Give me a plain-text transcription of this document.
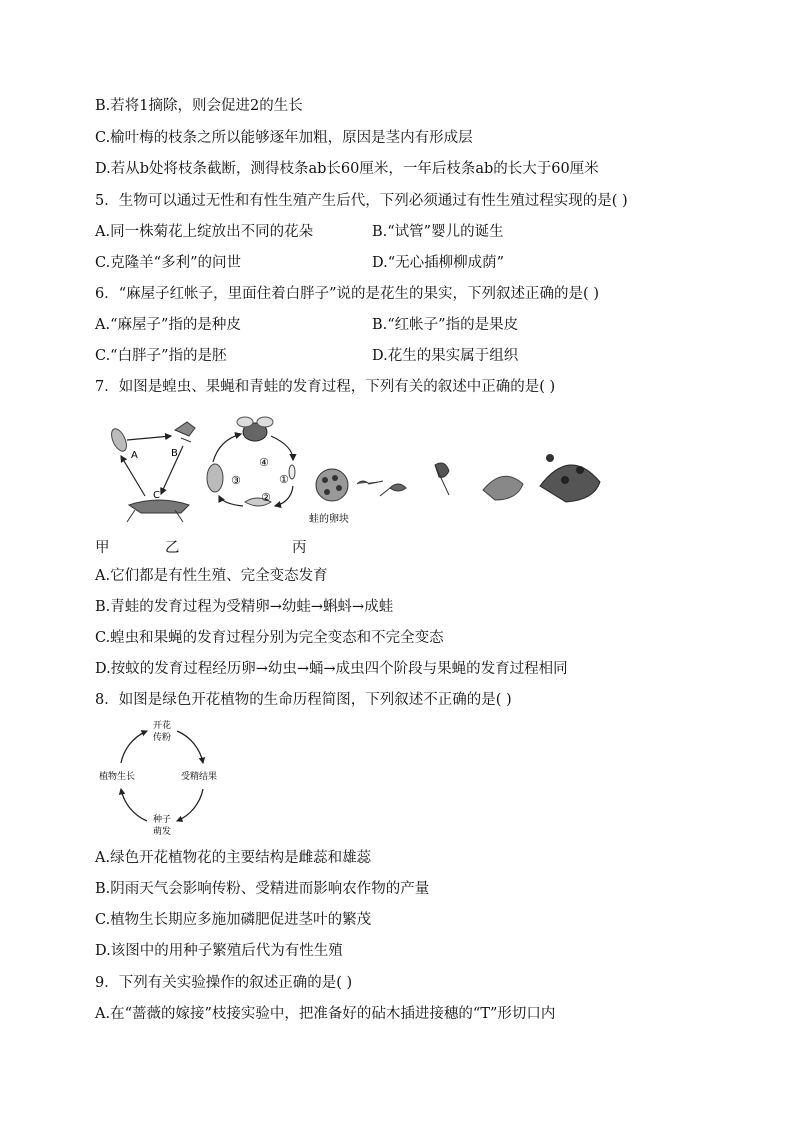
B.若将1摘除，则会促进2的生长
C.榆叶梅的枝条之所以能够逐年加粗，原因是茎内有形成层
D.若从b处将枝条截断，测得枝条ab长60厘米，一年后枝条ab的长大于60厘米
5．生物可以通过无性和有性生殖产生后代，下列必须通过有性生殖过程实现的是( )
A.同一株菊花上绽放出不同的花朵	B.“试管”婴儿的诞生
C.克隆羊“多利”的问世	D.“无心插柳柳成荫”
6．“麻屋子红帐子，里面住着白胖子”说的是花生的果实，下列叙述正确的是( )
A.“麻屋子”指的是种皮	B.“红帐子”指的是果皮
C.“白胖子”指的是胚	D.花生的果实属于组织
7．如图是蝗虫、果蝇和青蛙的发育过程，下列有关的叙述中正确的是( )
A	B
C
④
①
②
③
蛙的卵块
甲	乙	丙
A.它们都是有性生殖、完全变态发育
B.青蛙的发育过程为受精卵→幼蛙→蝌蚪→成蛙
C.蝗虫和果蝇的发育过程分别为完全变态和不完全变态
D.按蚊的发育过程经历卵→幼虫→蛹→成虫四个阶段与果蝇的发育过程相同
8．如图是绿色开花植物的生命历程简图，下列叙述不正确的是( )
开花
传粉
受精结果
种子
萌发
植物生长
A.绿色开花植物花的主要结构是雌蕊和雄蕊
B.阴雨天气会影响传粉、受精进而影响农作物的产量
C.植物生长期应多施加磷肥促进茎叶的繁茂
D.该图中的用种子繁殖后代为有性生殖
9．下列有关实验操作的叙述正确的是( )
A.在“蔷薇的嫁接”枝接实验中，把准备好的砧木插进接穗的“T”形切口内
